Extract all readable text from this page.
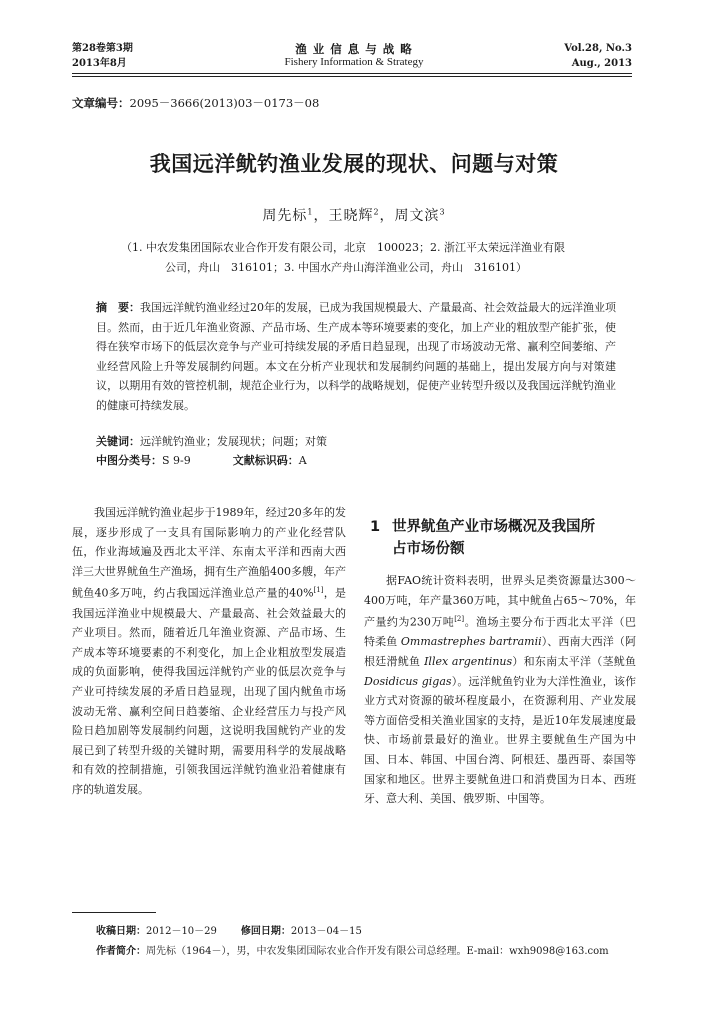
第28卷第3期
2013年8月
渔 业 信 息 与 战 略
Fishery Information & Strategy
Vol.28, No.3
Aug., 2013
文章编号：2095－3666(2013)03－0173－08
我国远洋鱿钓渔业发展的现状、问题与对策
周先标$^1$，王晓辉$^2$，周文滨$^3$
（1. 中农发集团国际农业合作开发有限公司，北京　100023；2. 浙江平太荣远洋渔业有限
公司，舟山　316101；3. 中国水产舟山海洋渔业公司，舟山　316101）
摘　要：我国远洋鱿钓渔业经过20年的发展，已成为我国规模最大、产量最高、社会效益最大的远洋渔业项目。然而，由于近几年渔业资源、产品市场、生产成本等环境要素的变化，加上产业的粗放型产能扩张，使得在狭窄市场下的低层次竞争与产业可持续发展的矛盾日趋显现，出现了市场波动无常、赢利空间萎缩、产业经营风险上升等发展制约问题。本文在分析产业现状和发展制约问题的基础上，提出发展方向与对策建议，以期用有效的管控机制，规范企业行为，以科学的战略规划，促使产业转型升级以及我国远洋鱿钓渔业的健康可持续发展。
关键词：远洋鱿钓渔业；发展现状；问题；对策
中图分类号：S 9-9	文献标识码：A
我国远洋鱿钓渔业起步于1989年，经过20多年的发展，逐步形成了一支具有国际影响力的产业化经营队伍，作业海域遍及西北太平洋、东南太平洋和西南大西洋三大世界鱿鱼生产渔场，拥有生产渔船400多艘，年产鱿鱼40多万吨，约占我国远洋渔业总产量的40%[1]，是我国远洋渔业中规模最大、产量最高、社会效益最大的产业项目。然而，随着近几年渔业资源、产品市场、生产成本等环境要素的不利变化，加上企业粗放型发展造成的负面影响，使得我国远洋鱿钓产业的低层次竞争与产业可持续发展的矛盾日趋显现，出现了国内鱿鱼市场波动无常、赢利空间日趋萎缩、企业经营压力与投产风险日趋加剧等发展制约问题，这说明我国鱿钓产业的发展已到了转型升级的关键时期，需要用科学的发展战略和有效的控制措施，引领我国远洋鱿钓渔业沿着健康有序的轨道发展。
1 世界鱿鱼产业市场概况及我国所
占市场份额
据FAO统计资料表明，世界头足类资源量达300～400万吨，年产量360万吨，其中鱿鱼占65～70%，年产量约为230万吨[2]。渔场主要分布于西北太平洋（巴特柔鱼 Ommastrephes bartramii）、西南大西洋（阿根廷滑鱿鱼 Illex argentinus）和东南太平洋（茎鱿鱼 Dosidicus gigas）。远洋鱿鱼钓业为大洋性渔业，该作业方式对资源的破坏程度最小，在资源利用、产业发展等方面倍受相关渔业国家的支持，是近10年发展速度最快、市场前景最好的渔业。世界主要鱿鱼生产国为中国、日本、韩国、中国台湾、阿根廷、墨西哥、泰国等国家和地区。世界主要鱿鱼进口和消费国为日本、西班牙、意大利、美国、俄罗斯、中国等。
收稿日期：2012－10－29 修回日期：2013－04－15
作者简介：周先标（1964－），男，中农发集团国际农业合作开发有限公司总经理。E-mail：wxh9098@163.com
